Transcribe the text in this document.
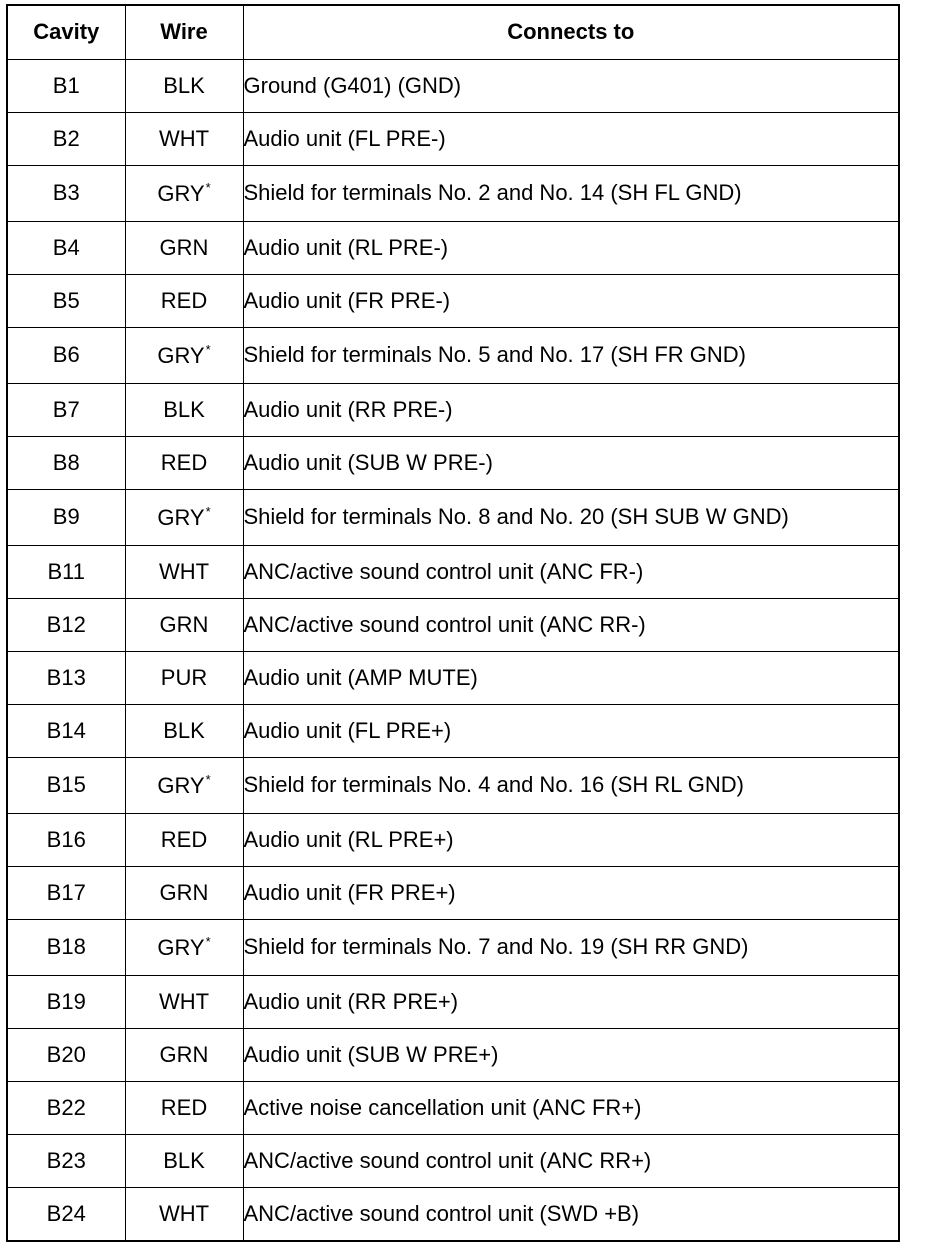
Cavity	Wire	Connects to
B1	BLK	Ground (G401) (GND)
B2	WHT	Audio unit (FL PRE-)
B3	GRY*	Shield for terminals No. 2 and No. 14 (SH FL GND)
B4	GRN	Audio unit (RL PRE-)
B5	RED	Audio unit (FR PRE-)
B6	GRY*	Shield for terminals No. 5 and No. 17 (SH FR GND)
B7	BLK	Audio unit (RR PRE-)
B8	RED	Audio unit (SUB W PRE-)
B9	GRY*	Shield for terminals No. 8 and No. 20 (SH SUB W GND)
B11	WHT	ANC/active sound control unit (ANC FR-)
B12	GRN	ANC/active sound control unit (ANC RR-)
B13	PUR	Audio unit (AMP MUTE)
B14	BLK	Audio unit (FL PRE+)
B15	GRY*	Shield for terminals No. 4 and No. 16 (SH RL GND)
B16	RED	Audio unit (RL PRE+)
B17	GRN	Audio unit (FR PRE+)
B18	GRY*	Shield for terminals No. 7 and No. 19 (SH RR GND)
B19	WHT	Audio unit (RR PRE+)
B20	GRN	Audio unit (SUB W PRE+)
B22	RED	Active noise cancellation unit (ANC FR+)
B23	BLK	ANC/active sound control unit (ANC RR+)
B24	WHT	ANC/active sound control unit (SWD +B)
